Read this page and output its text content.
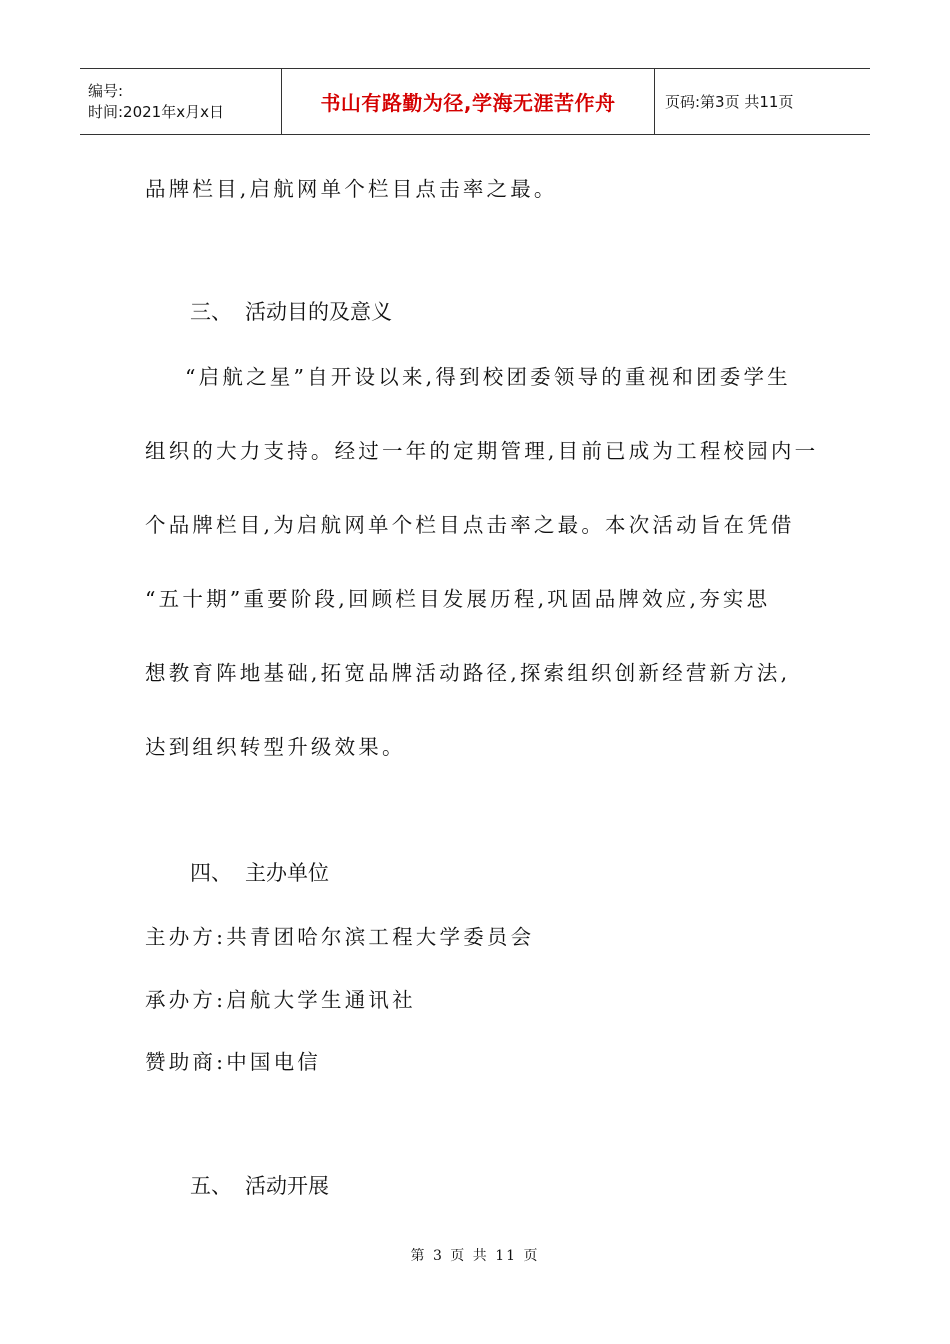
编号:
时间:2021年x月x日	书山有路勤为径,学海无涯苦作舟	页码:第3页 共11页
品牌栏目,启航网单个栏目点击率之最。
三、 活动目的及意义
“启航之星”自开设以来,得到校团委领导的重视和团委学生
组织的大力支持。经过一年的定期管理,目前已成为工程校园内一
个品牌栏目,为启航网单个栏目点击率之最。本次活动旨在凭借
“五十期”重要阶段,回顾栏目发展历程,巩固品牌效应,夯实思
想教育阵地基础,拓宽品牌活动路径,探索组织创新经营新方法,
达到组织转型升级效果。
四、 主办单位
主办方:共青团哈尔滨工程大学委员会
承办方:启航大学生通讯社
赞助商:中国电信
五、 活动开展
第 3 页 共 11 页
